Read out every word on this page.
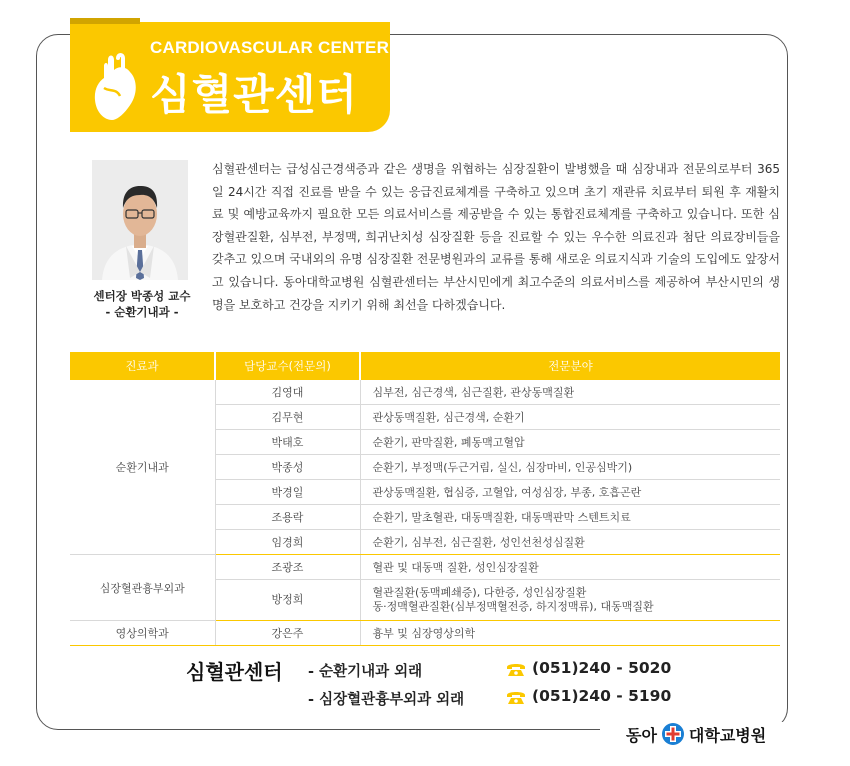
CARDIOVASCULAR CENTER
심혈관센터
센터장 박종성 교수
- 순환기내과 -
심혈관센터는 급성심근경색증과 같은 생명을 위협하는 심장질환이 발병했을 때 심장내과 전문의로부터 365일 24시간 직접 진료를 받을 수 있는 응급진료체계를 구축하고 있으며 초기 재관류 치료부터 퇴원 후 재활치료 및 예방교육까지 필요한 모든 의료서비스를 제공받을 수 있는 통합진료체계를 구축하고 있습니다. 또한 심장혈관질환, 심부전, 부정맥, 희귀난치성 심장질환 등을 진료할 수 있는 우수한 의료진과 첨단 의료장비들을 갖추고 있으며 국내외의 유명 심장질환 전문병원과의 교류를 통해 새로운 의료지식과 기술의 도입에도 앞장서고 있습니다. 동아대학교병원 심혈관센터는 부산시민에게 최고수준의 의료서비스를 제공하여 부산시민의 생명을 보호하고 건강을 지키기 위해 최선을 다하겠습니다.
진료과	담당교수(전문의)	전문분야
순환기내과	김영대	심부전, 심근경색, 심근질환, 관상동맥질환
	김무현	관상동맥질환, 심근경색, 순환기
	박태호	순환기, 판막질환, 폐동맥고혈압
	박종성	순환기, 부정맥(두근거림, 실신, 심장마비, 인공심박기)
	박경일	관상동맥질환, 협심증, 고혈압, 여성심장, 부종, 호흡곤란
	조용락	순환기, 말초혈관, 대동맥질환, 대동맥판막 스텐트치료
	임경희	순환기, 심부전, 심근질환, 성인선천성심질환
심장혈관흉부외과	조광조	혈관 및 대동맥 질환, 성인심장질환
	방정희	혈관질환(동맥폐쇄증), 다한증, 성인심장질환
동·정맥혈관질환(심부정맥혈전증, 하지정맥류), 대동맥질환

영상의학과	강은주	흉부 및 심장영상의학
심혈관센터 - 순환기내과 외래
- 심장혈관흉부외과 외래
(051)240 - 5020
(051)240 - 5190
동아 대학교병원
